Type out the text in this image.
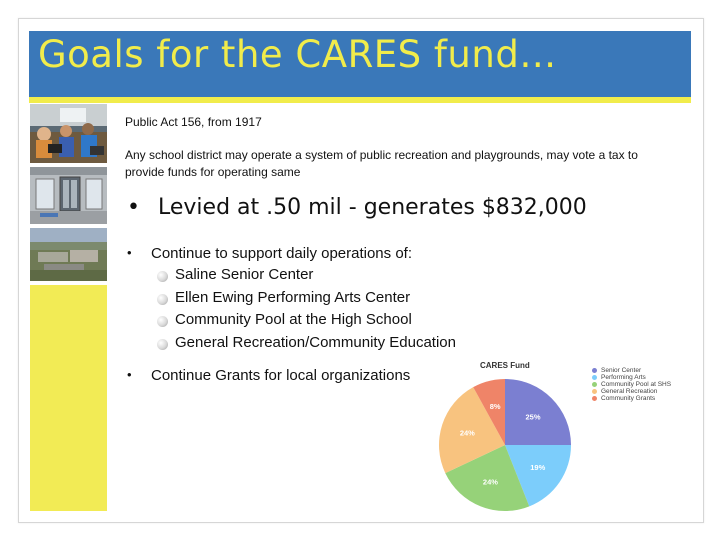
Goals for the CARES fund…
Public Act 156, from 1917
Any school district may operate a system of public recreation and playgrounds, may vote a tax to
provide funds for operating same
• Levied at .50 mil - generates $832,000
• Continue to support daily operations of:
Saline Senior Center
Ellen Ewing Performing Arts Center
Community Pool at the High School
General Recreation/Community Education
• Continue Grants for local organizations
CARES Fund
25%
19%
24%
24%
8%
Senior Center
Performing Arts
Community Pool at SHS
General Recreation
Community Grants
